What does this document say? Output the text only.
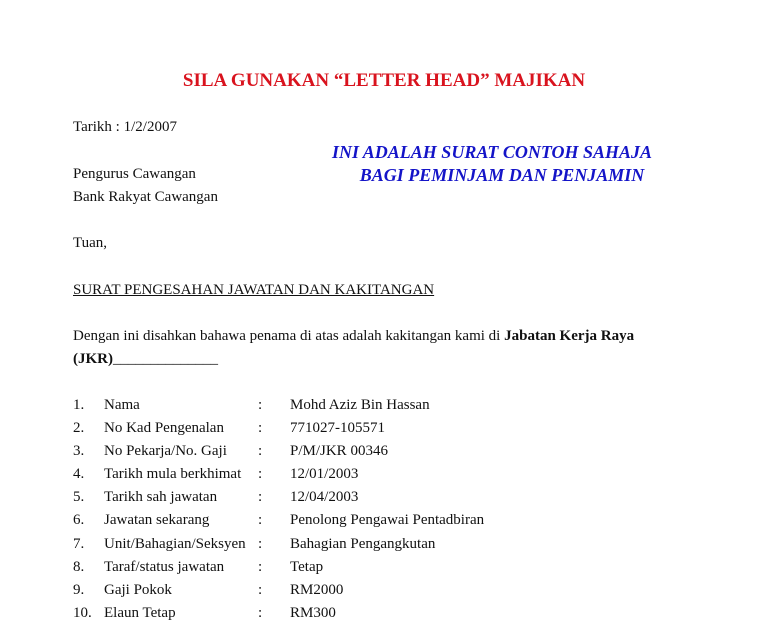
SILA GUNAKAN “LETTER HEAD” MAJIKAN
Tarikh : 1/2/2007
INI ADALAH SURAT CONTOH SAHAJA
BAGI PEMINJAM DAN PENJAMIN
Pengurus Cawangan
Bank Rakyat Cawangan
Tuan,
SURAT PENGESAHAN JAWATAN DAN KAKITANGAN
Dengan ini disahkan bahawa penama di atas adalah kakitangan kami di Jabatan Kerja Raya
(JKR)______________
1. Nama	: Mohd Aziz Bin Hassan
2. No Kad Pengenalan : 771027-105571
3. No Pekarja/No. Gaji : P/M/JKR 00346
4. Tarikh mula berkhimat : 12/01/2003
5. Tarikh sah jawatan	: 12/04/2003
6. Jawatan sekarang	: Penolong Pengawai Pentadbiran
7. Unit/Bahagian/Seksyen : Bahagian Pengangkutan
8. Taraf/status jawatan : Tetap
9. Gaji Pokok	: RM2000
10. Elaun Tetap	: RM300
